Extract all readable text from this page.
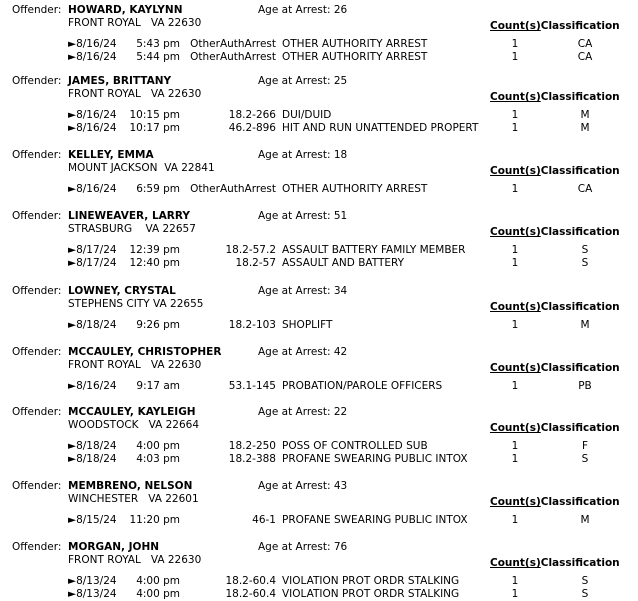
Offender: HOWARD, KAYLYNN	Age at Arrest: 26
FRONT ROYAL   VA 22630	Count(s)Classification
►8/16/24	5:43 pm OtherAuthArrest OTHER AUTHORITY ARREST	1	CA
►8/16/24	5:44 pm OtherAuthArrest OTHER AUTHORITY ARREST	1	CA
Offender: JAMES, BRITTANY	Age at Arrest: 25
FRONT ROYAL   VA 22630	Count(s)Classification
►8/16/24 10:15 pm	18.2-266 DUI/DUID	1	M
►8/16/24 10:17 pm	46.2-896 HIT AND RUN UNATTENDED PROPERT	1	M
Offender: KELLEY, EMMA	Age at Arrest: 18
MOUNT JACKSON  VA 22841	Count(s)Classification
►8/16/24	6:59 pm OtherAuthArrest OTHER AUTHORITY ARREST	1	CA
Offender: LINEWEAVER, LARRY	Age at Arrest: 51
STRASBURG    VA 22657	Count(s)Classification
►8/17/24 12:39 pm	18.2-57.2 ASSAULT BATTERY FAMILY MEMBER	1	S
►8/17/24 12:40 pm	18.2-57 ASSAULT AND BATTERY	1	S
Offender: LOWNEY, CRYSTAL	Age at Arrest: 34
STEPHENS CITY VA 22655	Count(s)Classification
►8/18/24	9:26 pm	18.2-103 SHOPLIFT	1	M
Offender: MCCAULEY, CHRISTOPHER	Age at Arrest: 42
FRONT ROYAL   VA 22630	Count(s)Classification
►8/16/24	9:17 am	53.1-145 PROBATION/PAROLE OFFICERS	1	PB
Offender: MCCAULEY, KAYLEIGH	Age at Arrest: 22
WOODSTOCK   VA 22664	Count(s)Classification
►8/18/24	4:00 pm	18.2-250 POSS OF CONTROLLED SUB	1	F
►8/18/24	4:03 pm	18.2-388 PROFANE SWEARING PUBLIC INTOX	1	S
Offender: MEMBRENO, NELSON	Age at Arrest: 43
WINCHESTER   VA 22601	Count(s)Classification
►8/15/24 11:20 pm	46-1 PROFANE SWEARING PUBLIC INTOX	1	M
Offender: MORGAN, JOHN	Age at Arrest: 76
FRONT ROYAL   VA 22630	Count(s)Classification
►8/13/24	4:00 pm	18.2-60.4 VIOLATION PROT ORDR STALKING	1	S
►8/13/24	4:00 pm	18.2-60.4 VIOLATION PROT ORDR STALKING	1	S
